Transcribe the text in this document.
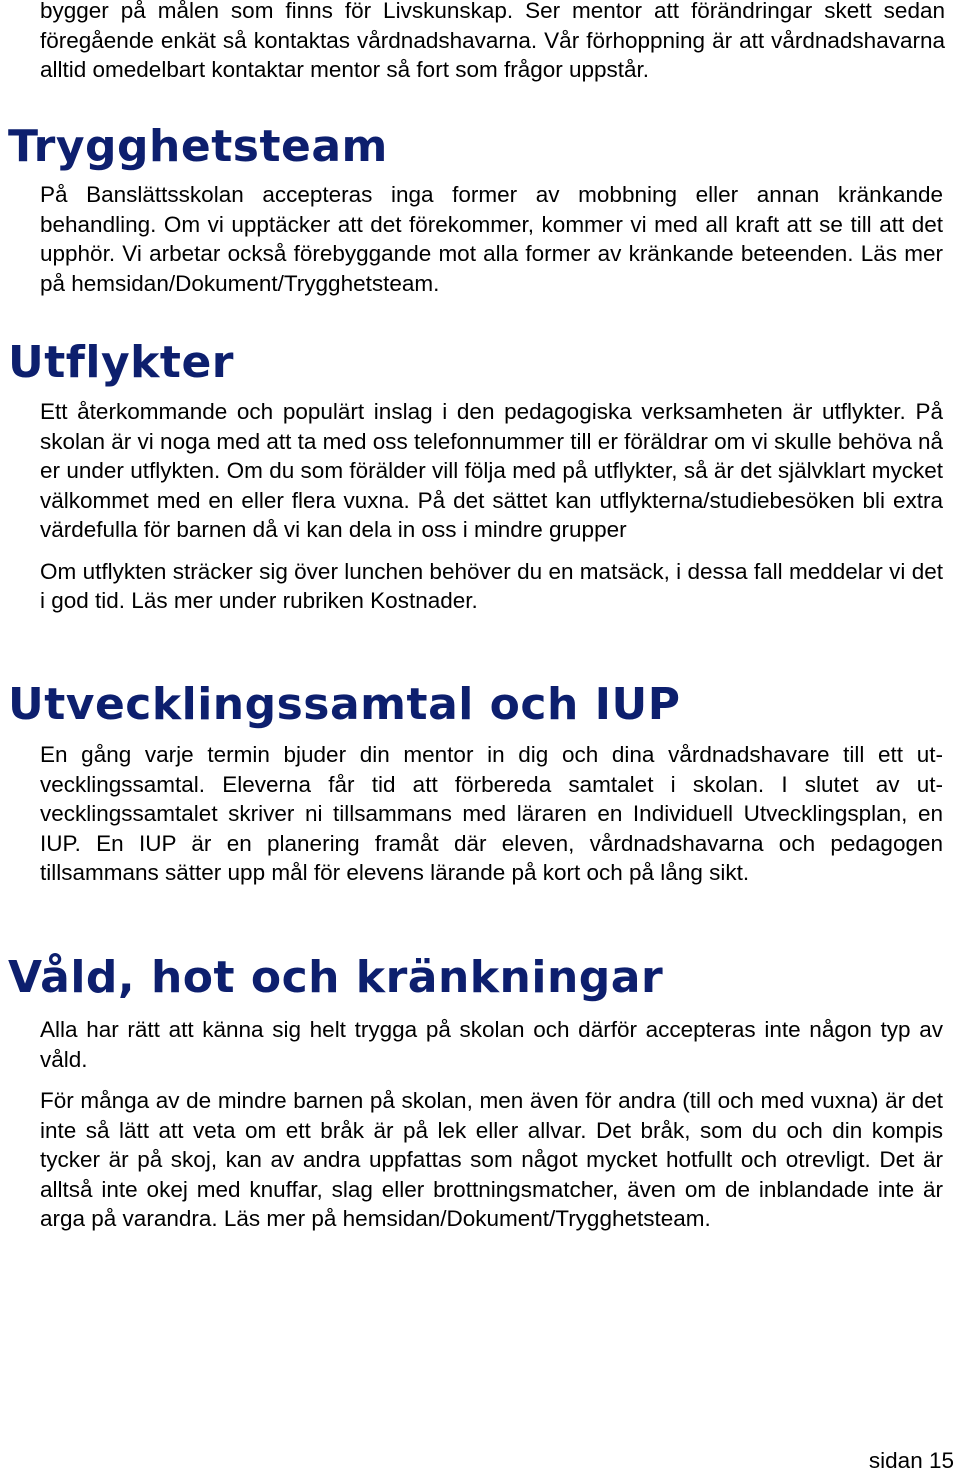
bygger på målen som finns för Livskunskap. Ser mentor att förändringar skett sedan föregående enkät så kontaktas vårdnadshavarna. Vår förhoppning är att vårdnadshavarna alltid omedelbart kontaktar mentor så fort som frågor uppstår.

Trygghetsteam

På Banslättsskolan accepteras inga former av mobbning eller annan kränkande behandling. Om vi upptäcker att det förekommer, kommer vi med all kraft att se till att det upphör. Vi arbetar också förebyggande mot alla former av kränkande beteenden. Läs mer på hemsidan/Dokument/Trygghetsteam.

Utflykter

Ett återkommande och populärt inslag i den pedagogiska verksamheten är utflykter. På skolan är vi noga med att ta med oss telefonnummer till er föräldrar om vi skulle behöva nå er under utflykten. Om du som förälder vill följa med på utflykter, så är det självklart mycket välkommet med en eller flera vuxna. På det sättet kan utflykterna/studiebesöken bli extra värdefulla för barnen då vi kan dela in oss i mindre grupper

Om utflykten sträcker sig över lunchen behöver du en matsäck, i dessa fall meddelar vi det i god tid. Läs mer under rubriken Kostnader.

Utvecklingssamtal och IUP

En gång varje termin bjuder din mentor in dig och dina vårdnadshavare till ett utvecklingssamtal. Eleverna får tid att förbereda samtalet i skolan. I slutet av utvecklingssamtalet skriver ni tillsammans med läraren en Individuell Utvecklingsplan, en IUP. En IUP är en planering framåt där eleven, vårdnadshavarna och pedagogen tillsammans sätter upp mål för elevens lärande på kort och på lång sikt.

Våld, hot och kränkningar

Alla har rätt att känna sig helt trygga på skolan och därför accepteras inte någon typ av våld.

För många av de mindre barnen på skolan, men även för andra (till och med vuxna) är det inte så lätt att veta om ett bråk är på lek eller allvar. Det bråk, som du och din kompis tycker är på skoj, kan av andra uppfattas som något mycket hotfullt och otrevligt. Det är alltså inte okej med knuffar, slag eller brottningsmatcher, även om de inblandade inte är arga på varandra. Läs mer på hemsidan/Dokument/Trygghetsteam.

sidan 15
